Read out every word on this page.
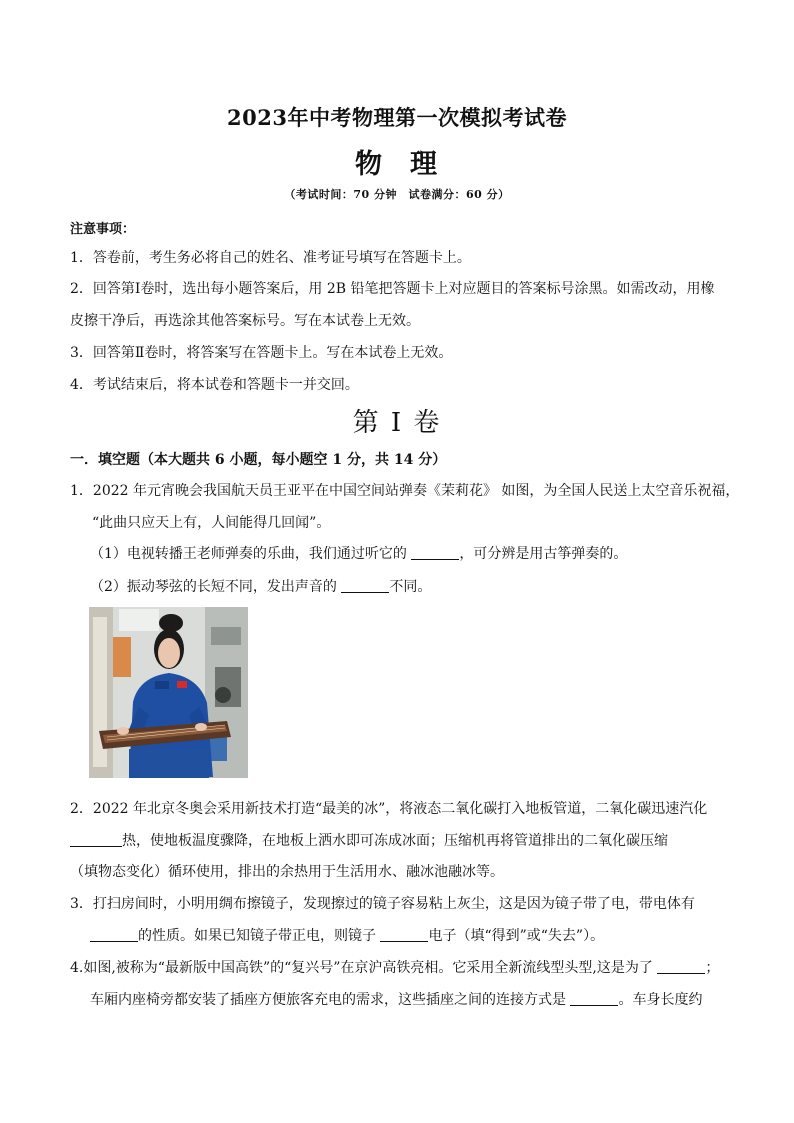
2023年中考物理第一次模拟考试卷
物 理
（考试时间：70 分钟　试卷满分：60 分）
注意事项：
1．答卷前，考生务必将自己的姓名、准考证号填写在答题卡上。
2．回答第Ⅰ卷时，选出每小题答案后，用 2B 铅笔把答题卡上对应题目的答案标号涂黑。如需改动，用橡
皮擦干净后，再选涂其他答案标号。写在本试卷上无效。
3．回答第Ⅱ卷时，将答案写在答题卡上。写在本试卷上无效。
4．考试结束后，将本试卷和答题卡一并交回。
第 I 卷
一．填空题（本大题共 6 小题，每小题空 1 分，共 14 分）
1．2022 年元宵晚会我国航天员王亚平在中国空间站弹奏《茉莉花》 如图，为全国人民送上太空音乐祝福，
“此曲只应天上有，人间能得几回闻”。
（1）电视转播王老师弹奏的乐曲，我们通过听它的	，可分辨是用古筝弹奏的。
（2）振动琴弦的长短不同，发出声音的	不同。
2．2022 年北京冬奥会采用新技术打造“最美的冰”，将液态二氧化碳打入地板管道，二氧化碳迅速汽化
热，使地板温度骤降，在地板上洒水即可冻成冰面；压缩机再将管道排出的二氧化碳压缩
（填物态变化）循环使用，排出的余热用于生活用水、融冰池融冰等。
3．打扫房间时，小明用绸布擦镜子，发现擦过的镜子容易粘上灰尘，这是因为镜子带了电，带电体有
的性质。如果已知镜子带正电，则镜子	电子（填“得到”或“失去”）。
4.如图,被称为“最新版中国高铁”的“复兴号”在京沪高铁亮相。它采用全新流线型头型,这是为了	；
车厢内座椅旁都安装了插座方便旅客充电的需求，这些插座之间的连接方式是	。车身长度约
